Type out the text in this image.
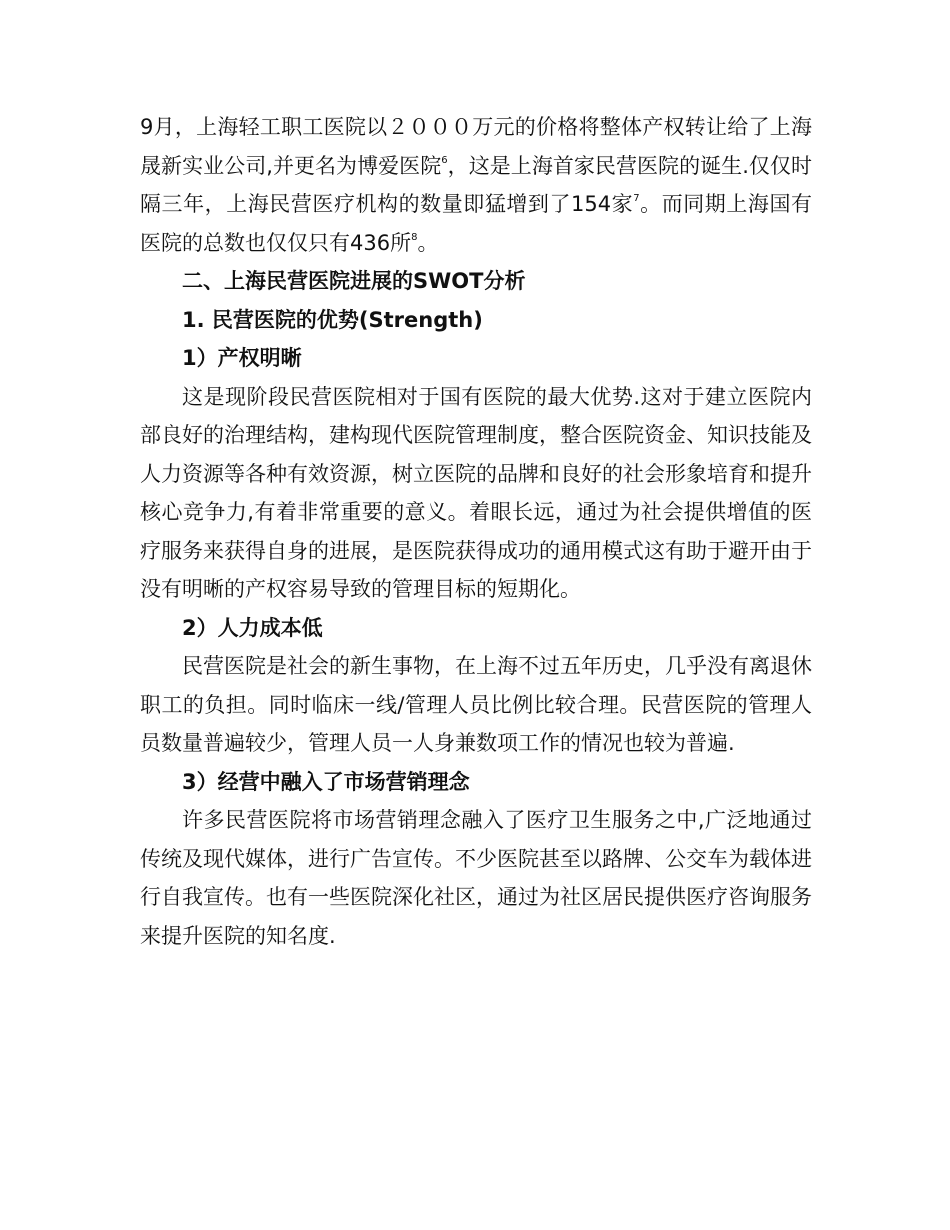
9月，上海轻工职工医院以２０００万元的价格将整体产权转让给了上海晟新实业公司,并更名为博爱医院$^6$，这是上海首家民营医院的诞生.仅仅时隔三年，上海民营医疗机构的数量即猛增到了154家$^7$。而同期上海国有医院的总数也仅仅只有436所$^8$。

二、上海民营医院进展的SWOT分析

1. 民营医院的优势(Strength)

1）产权明晰

这是现阶段民营医院相对于国有医院的最大优势.这对于建立医院内部良好的治理结构，建构现代医院管理制度，整合医院资金、知识技能及人力资源等各种有效资源，树立医院的品牌和良好的社会形象培育和提升核心竞争力,有着非常重要的意义。着眼长远，通过为社会提供增值的医疗服务来获得自身的进展，是医院获得成功的通用模式这有助于避开由于没有明晰的产权容易导致的管理目标的短期化。

2）人力成本低

民营医院是社会的新生事物，在上海不过五年历史，几乎没有离退休职工的负担。同时临床一线/管理人员比例比较合理。民营医院的管理人员数量普遍较少，管理人员一人身兼数项工作的情况也较为普遍.

3）经营中融入了市场营销理念

许多民营医院将市场营销理念融入了医疗卫生服务之中,广泛地通过传统及现代媒体，进行广告宣传。不少医院甚至以路牌、公交车为载体进行自我宣传。也有一些医院深化社区，通过为社区居民提供医疗咨询服务来提升医院的知名度.
